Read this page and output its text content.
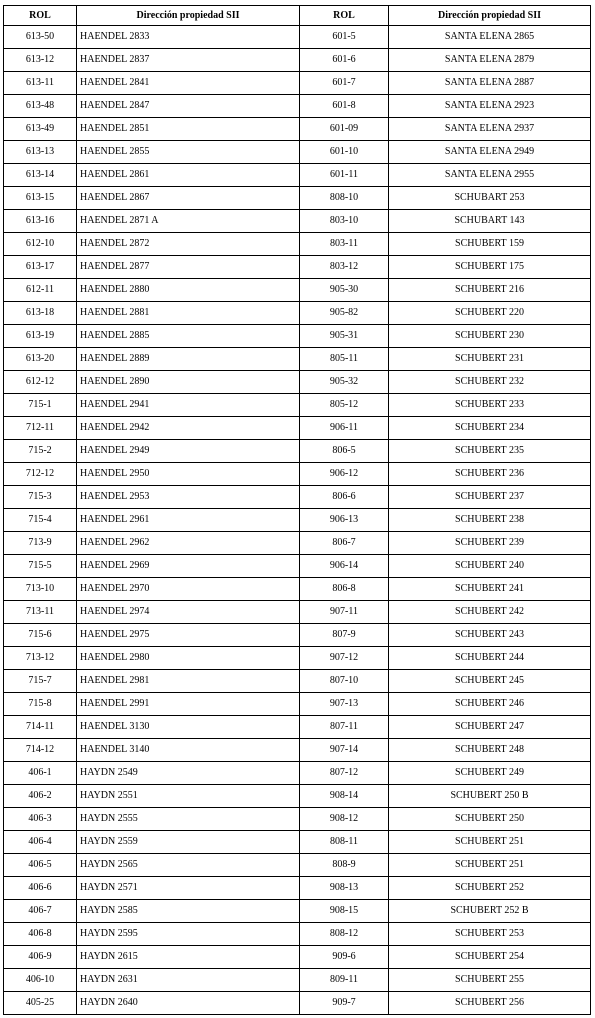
ROL	Dirección propiedad SII	ROL	Dirección propiedad SII
613-50	HAENDEL 2833	601-5	SANTA ELENA 2865
613-12	HAENDEL 2837	601-6	SANTA ELENA 2879
613-11	HAENDEL 2841	601-7	SANTA ELENA 2887
613-48	HAENDEL 2847	601-8	SANTA ELENA 2923
613-49	HAENDEL 2851	601-09	SANTA ELENA 2937
613-13	HAENDEL 2855	601-10	SANTA ELENA 2949
613-14	HAENDEL 2861	601-11	SANTA ELENA 2955
613-15	HAENDEL 2867	808-10	SCHUBART 253
613-16	HAENDEL 2871 A	803-10	SCHUBART 143
612-10	HAENDEL 2872	803-11	SCHUBERT 159
613-17	HAENDEL 2877	803-12	SCHUBERT 175
612-11	HAENDEL 2880	905-30	SCHUBERT 216
613-18	HAENDEL 2881	905-82	SCHUBERT 220
613-19	HAENDEL 2885	905-31	SCHUBERT 230
613-20	HAENDEL 2889	805-11	SCHUBERT 231
612-12	HAENDEL 2890	905-32	SCHUBERT 232
715-1	HAENDEL 2941	805-12	SCHUBERT 233
712-11	HAENDEL 2942	906-11	SCHUBERT 234
715-2	HAENDEL 2949	806-5	SCHUBERT 235
712-12	HAENDEL 2950	906-12	SCHUBERT 236
715-3	HAENDEL 2953	806-6	SCHUBERT 237
715-4	HAENDEL 2961	906-13	SCHUBERT 238
713-9	HAENDEL 2962	806-7	SCHUBERT 239
715-5	HAENDEL 2969	906-14	SCHUBERT 240
713-10	HAENDEL 2970	806-8	SCHUBERT 241
713-11	HAENDEL 2974	907-11	SCHUBERT 242
715-6	HAENDEL 2975	807-9	SCHUBERT 243
713-12	HAENDEL 2980	907-12	SCHUBERT 244
715-7	HAENDEL 2981	807-10	SCHUBERT 245
715-8	HAENDEL 2991	907-13	SCHUBERT 246
714-11	HAENDEL 3130	807-11	SCHUBERT 247
714-12	HAENDEL 3140	907-14	SCHUBERT 248
406-1	HAYDN 2549	807-12	SCHUBERT 249
406-2	HAYDN 2551	908-14	SCHUBERT 250 B
406-3	HAYDN 2555	908-12	SCHUBERT 250
406-4	HAYDN 2559	808-11	SCHUBERT 251
406-5	HAYDN 2565	808-9	SCHUBERT 251
406-6	HAYDN 2571	908-13	SCHUBERT 252
406-7	HAYDN 2585	908-15	SCHUBERT 252 B
406-8	HAYDN 2595	808-12	SCHUBERT 253
406-9	HAYDN 2615	909-6	SCHUBERT 254
406-10	HAYDN 2631	809-11	SCHUBERT 255
405-25	HAYDN 2640	909-7	SCHUBERT 256
